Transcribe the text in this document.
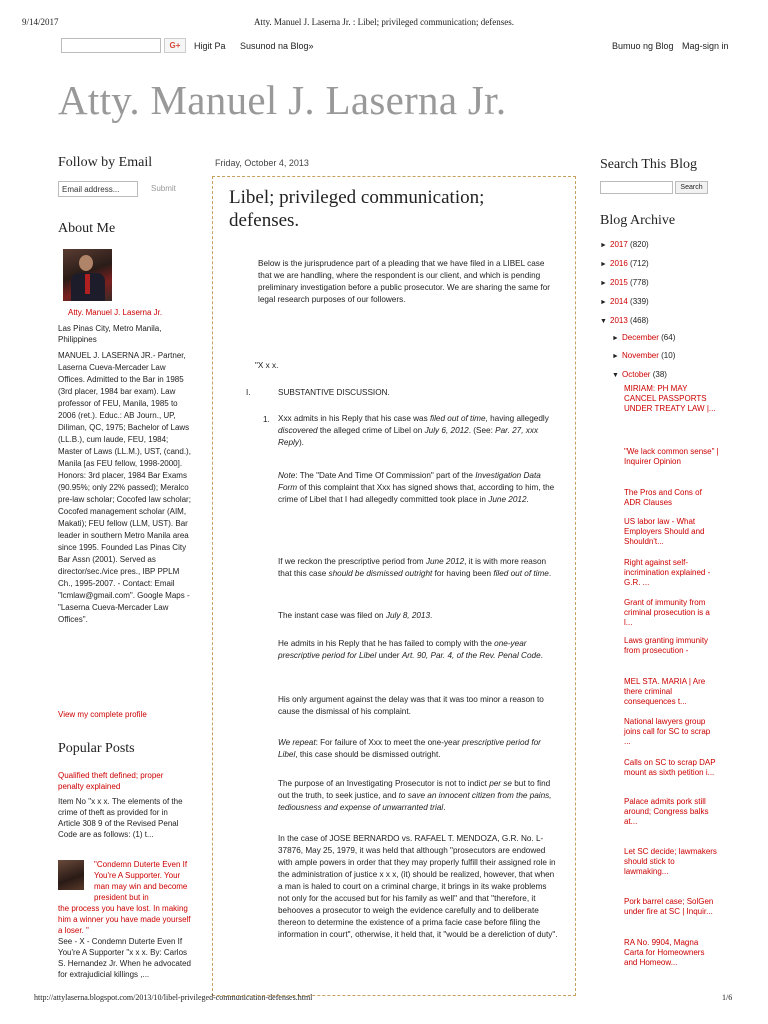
9/14/2017	Atty. Manuel J. Laserna Jr. : Libel; privileged communication; defenses.
G+	Higit Pa Susunod na Blog»	Bumuo ng Blog Mag-sign in
Atty. Manuel J. Laserna Jr.
Follow by Email
Email address...	Submit
About Me
Atty. Manuel J. Laserna Jr.
Las Pinas City, Metro Manila, Philippines
MANUEL J. LASERNA JR.- Partner, Laserna Cueva-Mercader Law Offices. Admitted to the Bar in 1985 (3rd placer, 1984 bar exam). Law professor of FEU, Manila, 1985 to 2006 (ret.). Educ.: AB Journ., UP, Diliman, QC, 1975; Bachelor of Laws (LL.B.), cum laude, FEU, 1984; Master of Laws (LL.M.), UST, (cand.), Manila [as FEU fellow, 1998-2000]. Honors: 3rd placer, 1984 Bar Exams (90.95%; only 22% passed); Meralco pre-law scholar; Cocofed law scholar; Cocofed management scholar (AIM, Makati); FEU fellow (LLM, UST). Bar leader in southern Metro Manila area since 1995. Founded Las Pinas City Bar Assn (2001). Served as director/sec./vice pres., IBP PPLM Ch., 1995-2007. - Contact: Email "lcmlaw@gmail.com". Google Maps - "Laserna Cueva-Mercader Law Offices".
View my complete profile
Popular Posts
Qualified theft defined; proper penalty explained
Item No "x x x. The elements of the crime of theft as provided for in Article 308 9 of the Revised Penal Code are as follows: (1) t...
"Condemn Duterte Even If You're A Supporter. Your man may win and become president but in
the process you have lost. In making him a winner you have made yourself a loser. "
See - X - Condemn Duterte Even If You're A Supporter "x x x. By: Carlos S. Hernandez Jr. When he advocated for extrajudicial killings ,...
Friday, October 4, 2013
Libel; privileged communication; defenses.
Below is the jurisprudence part of a pleading that we have filed in a LIBEL case that we are handling, where the respondent is our client, and which is pending preliminary investigation before a public prosecutor. We are sharing the same for legal research purposes of our followers.
"X x x.
I.	SUBSTANTIVE DISCUSSION.
1. Xxx admits in his Reply that his case was filed out of time, having allegedly discovered the alleged crime of Libel on July 6, 2012. (See: Par. 27, xxx Reply).
Note: The "Date And Time Of Commission" part of the Investigation Data Form of this complaint that Xxx has signed shows that, according to him, the crime of Libel that I had allegedly committed took place in June 2012.
If we reckon the prescriptive period from June 2012, it is with more reason that this case should be dismissed outright for having been filed out of time.
The instant case was filed on July 8, 2013.
He admits in his Reply that he has failed to comply with the one-year prescriptive period for Libel under Art. 90, Par. 4, of the Rev. Penal Code.
His only argument against the delay was that it was too minor a reason to cause the dismissal of his complaint.
We repeat: For failure of Xxx to meet the one-year prescriptive period for Libel, this case should be dismissed outright.
The purpose of an Investigating Prosecutor is not to indict per se but to find out the truth, to seek justice, and to save an innocent citizen from the pains, tediousness and expense of unwarranted trial.
In the case of JOSE BERNARDO vs. RAFAEL T. MENDOZA, G.R. No. L-37876, May 25, 1979, it was held that although "prosecutors are endowed with ample powers in order that they may properly fulfill their assigned role in the administration of justice x x x, (it) should be realized, however, that when a man is haled to court on a criminal charge, it brings in its wake problems not only for the accused but for his family as well" and that "therefore, it behooves a prosecutor to weigh the evidence carefully and to deliberate thereon to determine the existence of a prima facie case before filing the information in court", otherwise, it held that, it "would be a dereliction of duty".
Search This Blog
Search
Blog Archive
► 2017 (820)
► 2016 (712)
► 2015 (778)
► 2014 (339)
▼ 2013 (468)
► December (64)
► November (10)
▼ October (38)
MIRIAM: PH MAY CANCEL PASSPORTS UNDER TREATY LAW |...
"We lack common sense" | Inquirer Opinion
The Pros and Cons of ADR Clauses
US labor law - What Employers Should and Shouldn't...
Right against self-incrimination explained - G.R. ...
Grant of immunity from criminal prosecution is a l...
Laws granting immunity from prosecution -
MEL STA. MARIA | Are there criminal consequences t...
National lawyers group joins call for SC to scrap ...
Calls on SC to scrap DAP mount as sixth petition i...
Palace admits pork still around; Congress balks at...
Let SC decide; lawmakers should stick to lawmaking...
Pork barrel case; SolGen under fire at SC | Inquir...
RA No. 9904, Magna Carta for Homeowners and Homeow...
http://attylaserna.blogspot.com/2013/10/libel-privileged-communication-defenses.html	1/6
